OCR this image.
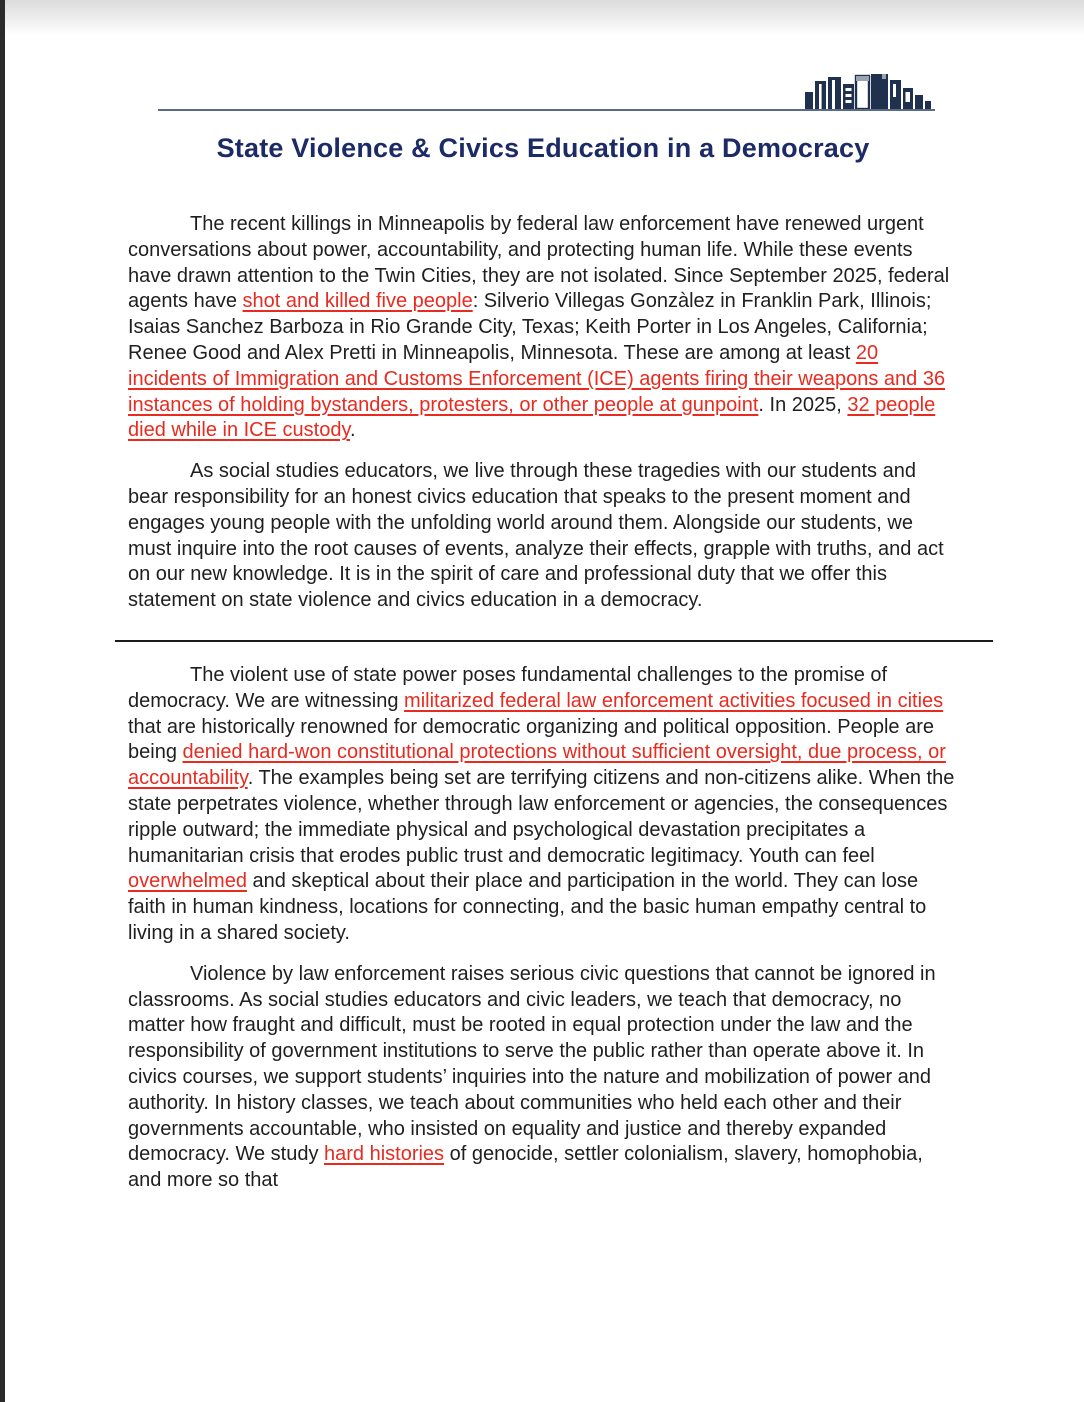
State Violence & Civics Education in a Democracy

The recent killings in Minneapolis by federal law enforcement have renewed urgent conversations about power, accountability, and protecting human life. While these events have drawn attention to the Twin Cities, they are not isolated. Since September 2025, federal agents have shot and killed five people: Silverio Villegas Gonzàlez in Franklin Park, Illinois; Isaias Sanchez Barboza in Rio Grande City, Texas; Keith Porter in Los Angeles, California; Renee Good and Alex Pretti in Minneapolis, Minnesota. These are among at least 20 incidents of Immigration and Customs Enforcement (ICE) agents firing their weapons and 36 instances of holding bystanders, protesters, or other people at gunpoint. In 2025, 32 people died while in ICE custody.

As social studies educators, we live through these tragedies with our students and bear responsibility for an honest civics education that speaks to the present moment and engages young people with the unfolding world around them. Alongside our students, we must inquire into the root causes of events, analyze their effects, grapple with truths, and act on our new knowledge. It is in the spirit of care and professional duty that we offer this statement on state violence and civics education in a democracy.

The violent use of state power poses fundamental challenges to the promise of democracy. We are witnessing militarized federal law enforcement activities focused in cities that are historically renowned for democratic organizing and political opposition. People are being denied hard-won constitutional protections without sufficient oversight, due process, or accountability. The examples being set are terrifying citizens and non-citizens alike. When the state perpetrates violence, whether through law enforcement or agencies, the consequences ripple outward; the immediate physical and psychological devastation precipitates a humanitarian crisis that erodes public trust and democratic legitimacy. Youth can feel overwhelmed and skeptical about their place and participation in the world. They can lose faith in human kindness, locations for connecting, and the basic human empathy central to living in a shared society.

Violence by law enforcement raises serious civic questions that cannot be ignored in classrooms. As social studies educators and civic leaders, we teach that democracy, no matter how fraught and difficult, must be rooted in equal protection under the law and the responsibility of government institutions to serve the public rather than operate above it. In civics courses, we support students’ inquiries into the nature and mobilization of power and authority. In history classes, we teach about communities who held each other and their governments accountable, who insisted on equality and justice and thereby expanded democracy. We study hard histories of genocide, settler colonialism, slavery, homophobia, and more so that
